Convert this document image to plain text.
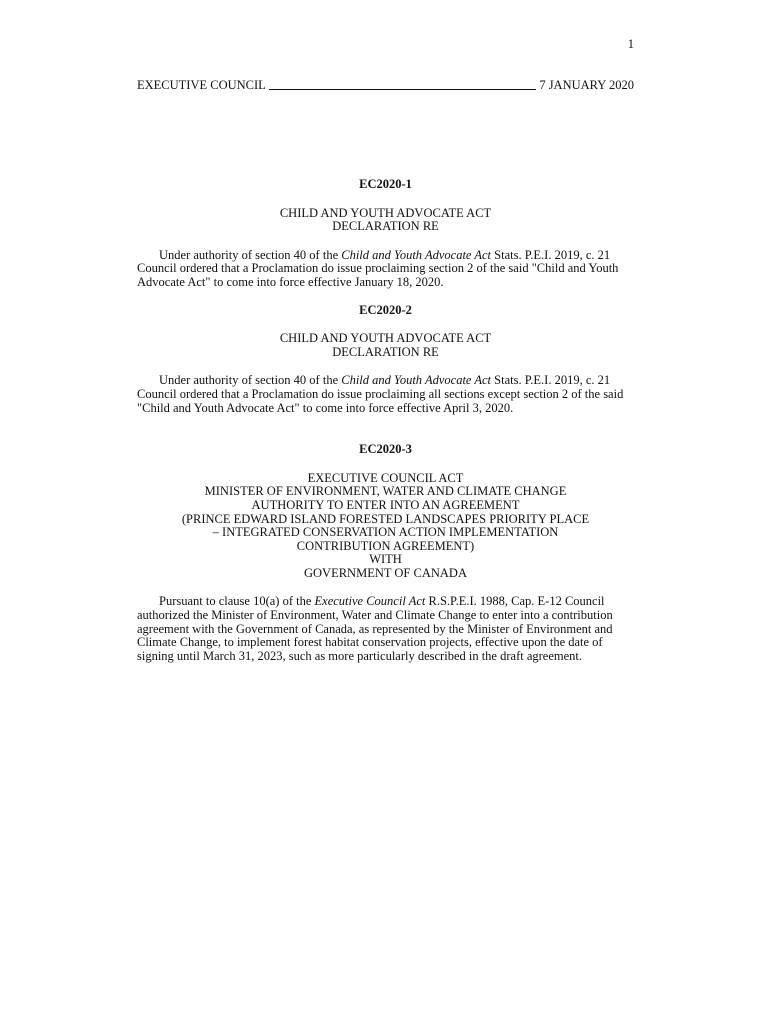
1
EXECUTIVE COUNCIL	7 JANUARY 2020

EC2020-1

CHILD AND YOUTH ADVOCATE ACT

DECLARATION RE

Under authority of section 40 of the Child and Youth Advocate Act Stats. P.E.I. 2019, c. 21 Council ordered that a Proclamation do issue proclaiming section 2 of the said "Child and Youth Advocate Act" to come into force effective January 18, 2020.

EC2020-2

CHILD AND YOUTH ADVOCATE ACT

DECLARATION RE

Under authority of section 40 of the Child and Youth Advocate Act Stats. P.E.I. 2019, c. 21 Council ordered that a Proclamation do issue proclaiming all sections except section 2 of the said "Child and Youth Advocate Act" to come into force effective April 3, 2020.

EC2020-3

EXECUTIVE COUNCIL ACT

MINISTER OF ENVIRONMENT, WATER AND CLIMATE CHANGE

AUTHORITY TO ENTER INTO AN AGREEMENT

(PRINCE EDWARD ISLAND FORESTED LANDSCAPES PRIORITY PLACE

– INTEGRATED CONSERVATION ACTION IMPLEMENTATION

CONTRIBUTION AGREEMENT)

WITH

GOVERNMENT OF CANADA

Pursuant to clause 10(a) of the Executive Council Act R.S.P.E.I. 1988, Cap. E-12 Council authorized the Minister of Environment, Water and Climate Change to enter into a contribution agreement with the Government of Canada, as represented by the Minister of Environment and Climate Change, to implement forest habitat conservation projects, effective upon the date of signing until March 31, 2023, such as more particularly described in the draft agreement.
